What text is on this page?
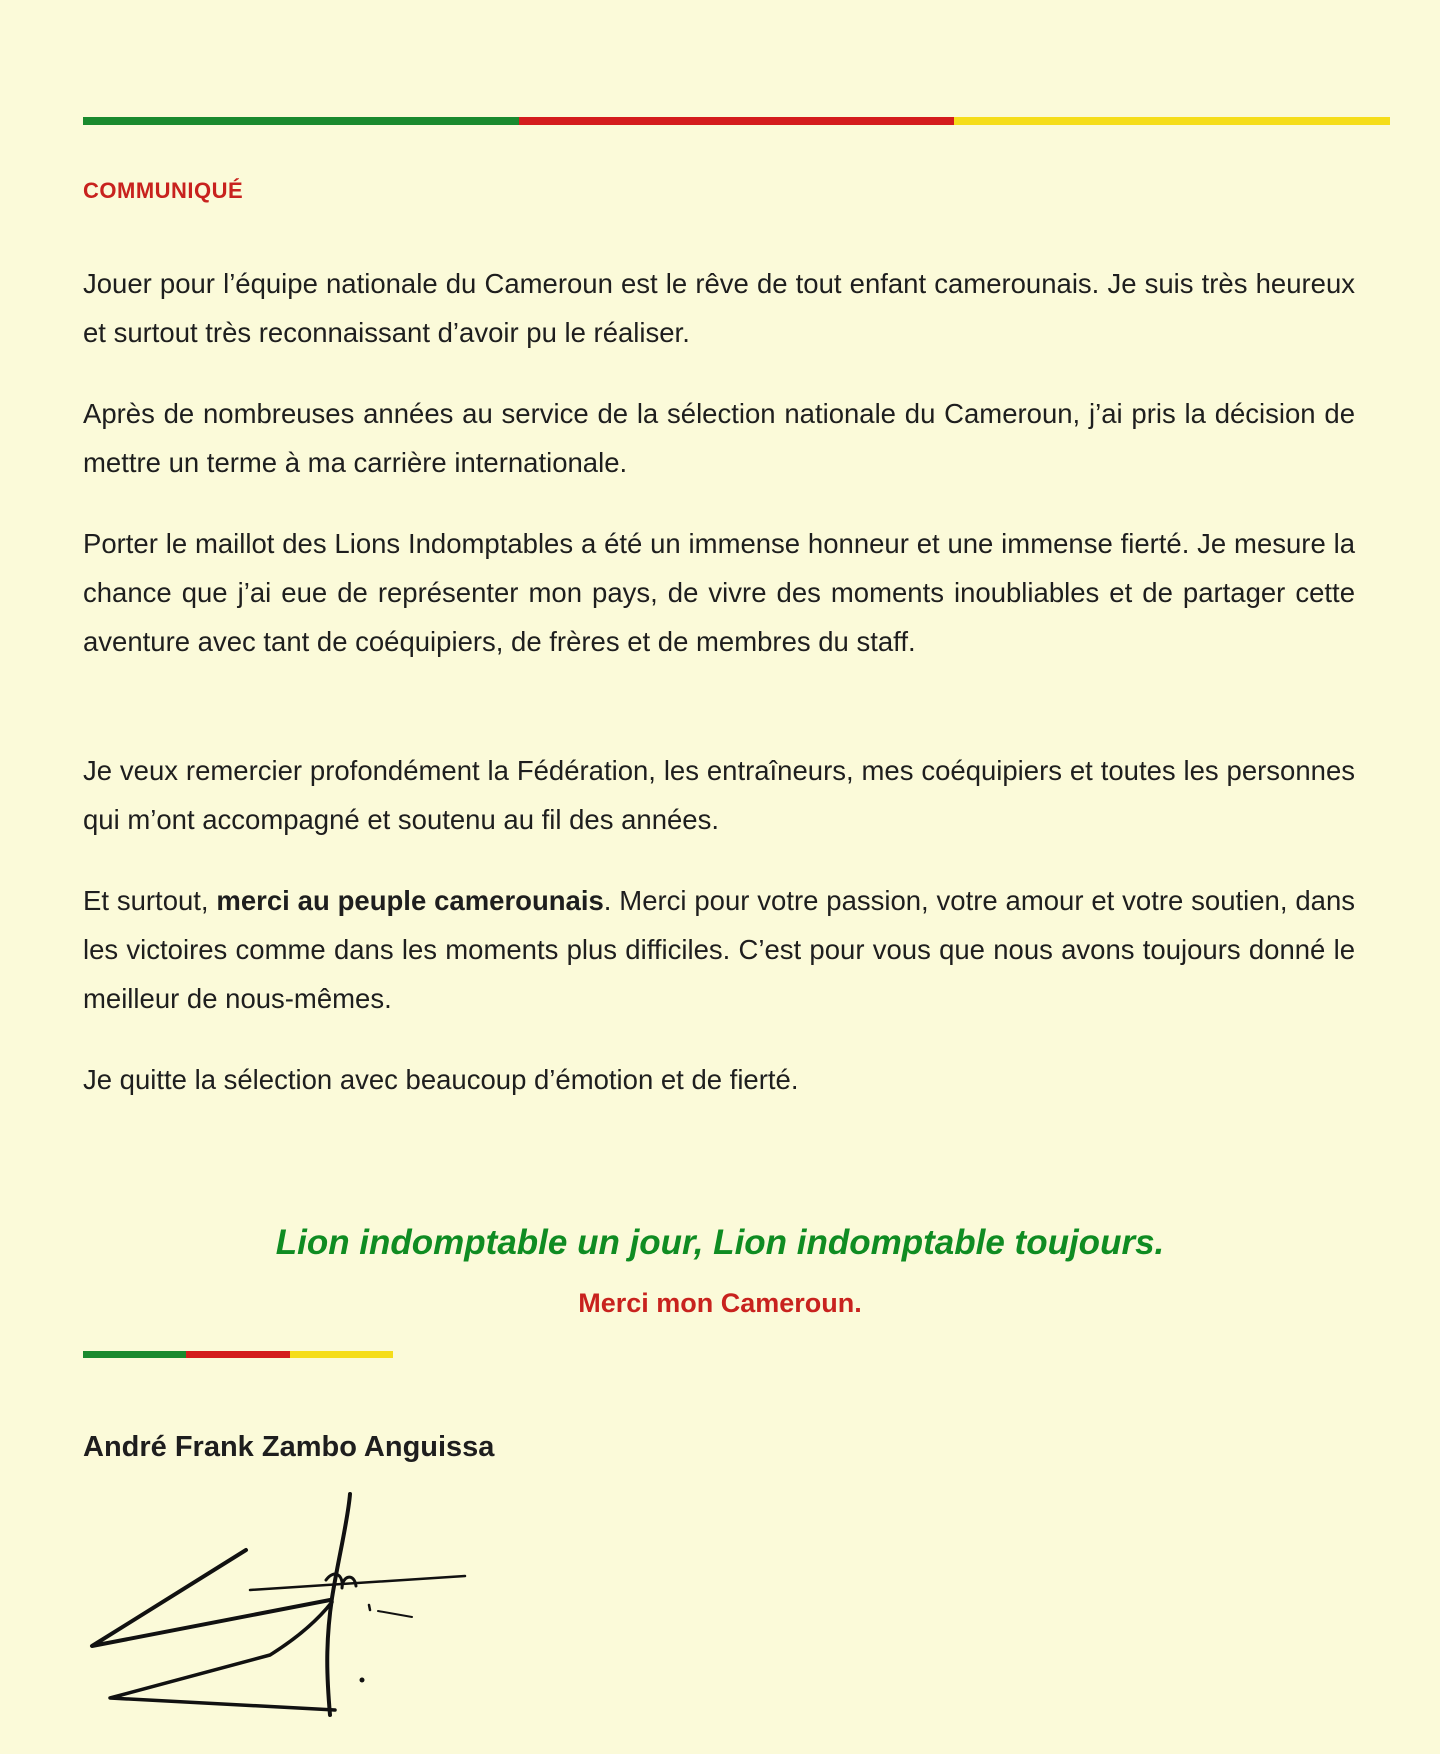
COMMUNIQUÉ

Jouer pour l’équipe nationale du Cameroun est le rêve de tout enfant camerounais. Je suis très heureux et surtout très reconnaissant d’avoir pu le réaliser.

Après de nombreuses années au service de la sélection nationale du Cameroun, j’ai pris la décision de mettre un terme à ma carrière internationale.

Porter le maillot des Lions Indomptables a été un immense honneur et une immense fierté. Je mesure la chance que j’ai eue de représenter mon pays, de vivre des moments inoubliables et de partager cette aventure avec tant de coéquipiers, de frères et de membres du staff.

Je veux remercier profondément la Fédération, les entraîneurs, mes coéquipiers et toutes les personnes qui m’ont accompagné et soutenu au fil des années.

Et surtout, merci au peuple camerounais. Merci pour votre passion, votre amour et votre soutien, dans les victoires comme dans les moments plus difficiles. C’est pour vous que nous avons toujours donné le meilleur de nous-mêmes.

Je quitte la sélection avec beaucoup d’émotion et de fierté.

Lion indomptable un jour, Lion indomptable toujours.
Merci mon Cameroun.
André Frank Zambo Anguissa
